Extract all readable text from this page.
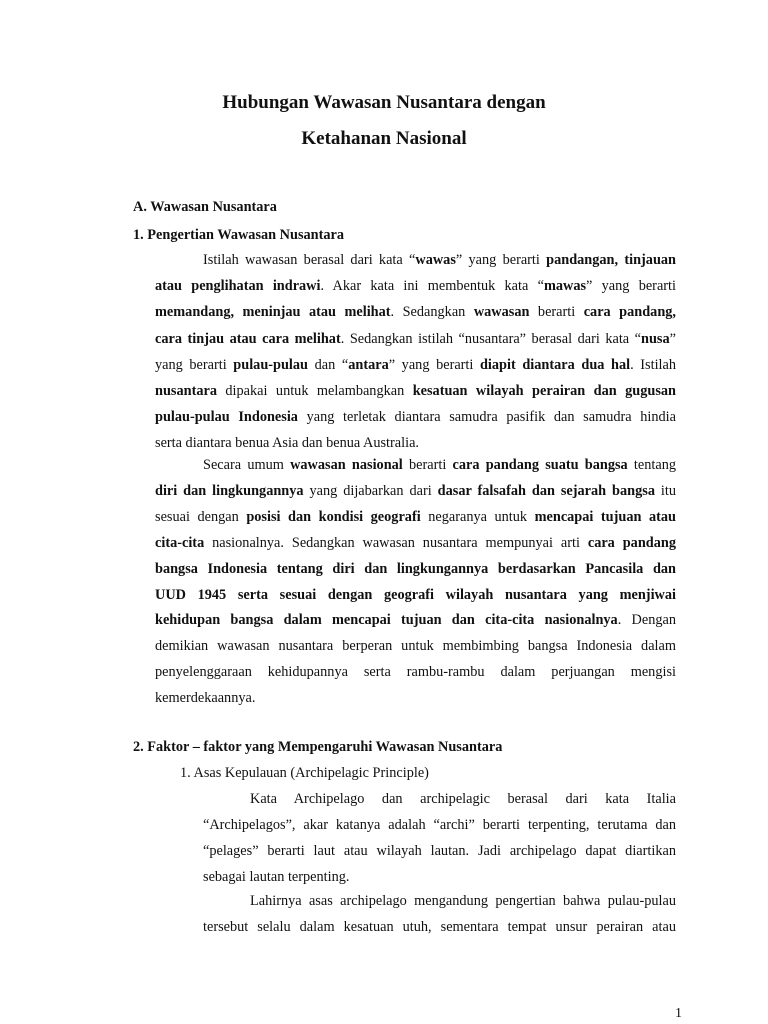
Hubungan Wawasan Nusantara dengan
Ketahanan Nasional
A. Wawasan Nusantara
1. Pengertian Wawasan Nusantara
Istilah wawasan berasal dari kata “wawas” yang berarti pandangan, tinjauan
atau penglihatan indrawi. Akar kata ini membentuk kata “mawas” yang berarti
memandang, meninjau atau melihat. Sedangkan wawasan berarti cara pandang,
cara tinjau atau cara melihat. Sedangkan istilah “nusantara” berasal dari kata “nusa”
yang berarti pulau-pulau dan “antara” yang berarti diapit diantara dua hal. Istilah
nusantara dipakai untuk melambangkan kesatuan wilayah perairan dan gugusan
pulau-pulau Indonesia yang terletak diantara samudra pasifik dan samudra hindia
serta diantara benua Asia dan benua Australia.
Secara umum wawasan nasional berarti cara pandang suatu bangsa tentang
diri dan lingkungannya yang dijabarkan dari dasar falsafah dan sejarah bangsa itu
sesuai dengan posisi dan kondisi geografi negaranya untuk mencapai tujuan atau
cita-cita nasionalnya. Sedangkan wawasan nusantara mempunyai arti cara pandang
bangsa Indonesia tentang diri dan lingkungannya berdasarkan Pancasila dan
UUD 1945 serta sesuai dengan geografi wilayah nusantara yang menjiwai
kehidupan bangsa dalam mencapai tujuan dan cita-cita nasionalnya. Dengan
demikian wawasan nusantara berperan untuk membimbing bangsa Indonesia dalam
penyelenggaraan kehidupannya serta rambu-rambu dalam perjuangan mengisi
kemerdekaannya.
2. Faktor – faktor yang Mempengaruhi Wawasan Nusantara
1. Asas Kepulauan (Archipelagic Principle)
Kata Archipelago dan archipelagic berasal dari kata Italia
“Archipelagos”, akar katanya adalah “archi” berarti terpenting, terutama dan
“pelages” berarti laut atau wilayah lautan. Jadi archipelago dapat diartikan
sebagai lautan terpenting.
Lahirnya asas archipelago mengandung pengertian bahwa pulau-pulau
tersebut selalu dalam kesatuan utuh, sementara tempat unsur perairan atau
1
